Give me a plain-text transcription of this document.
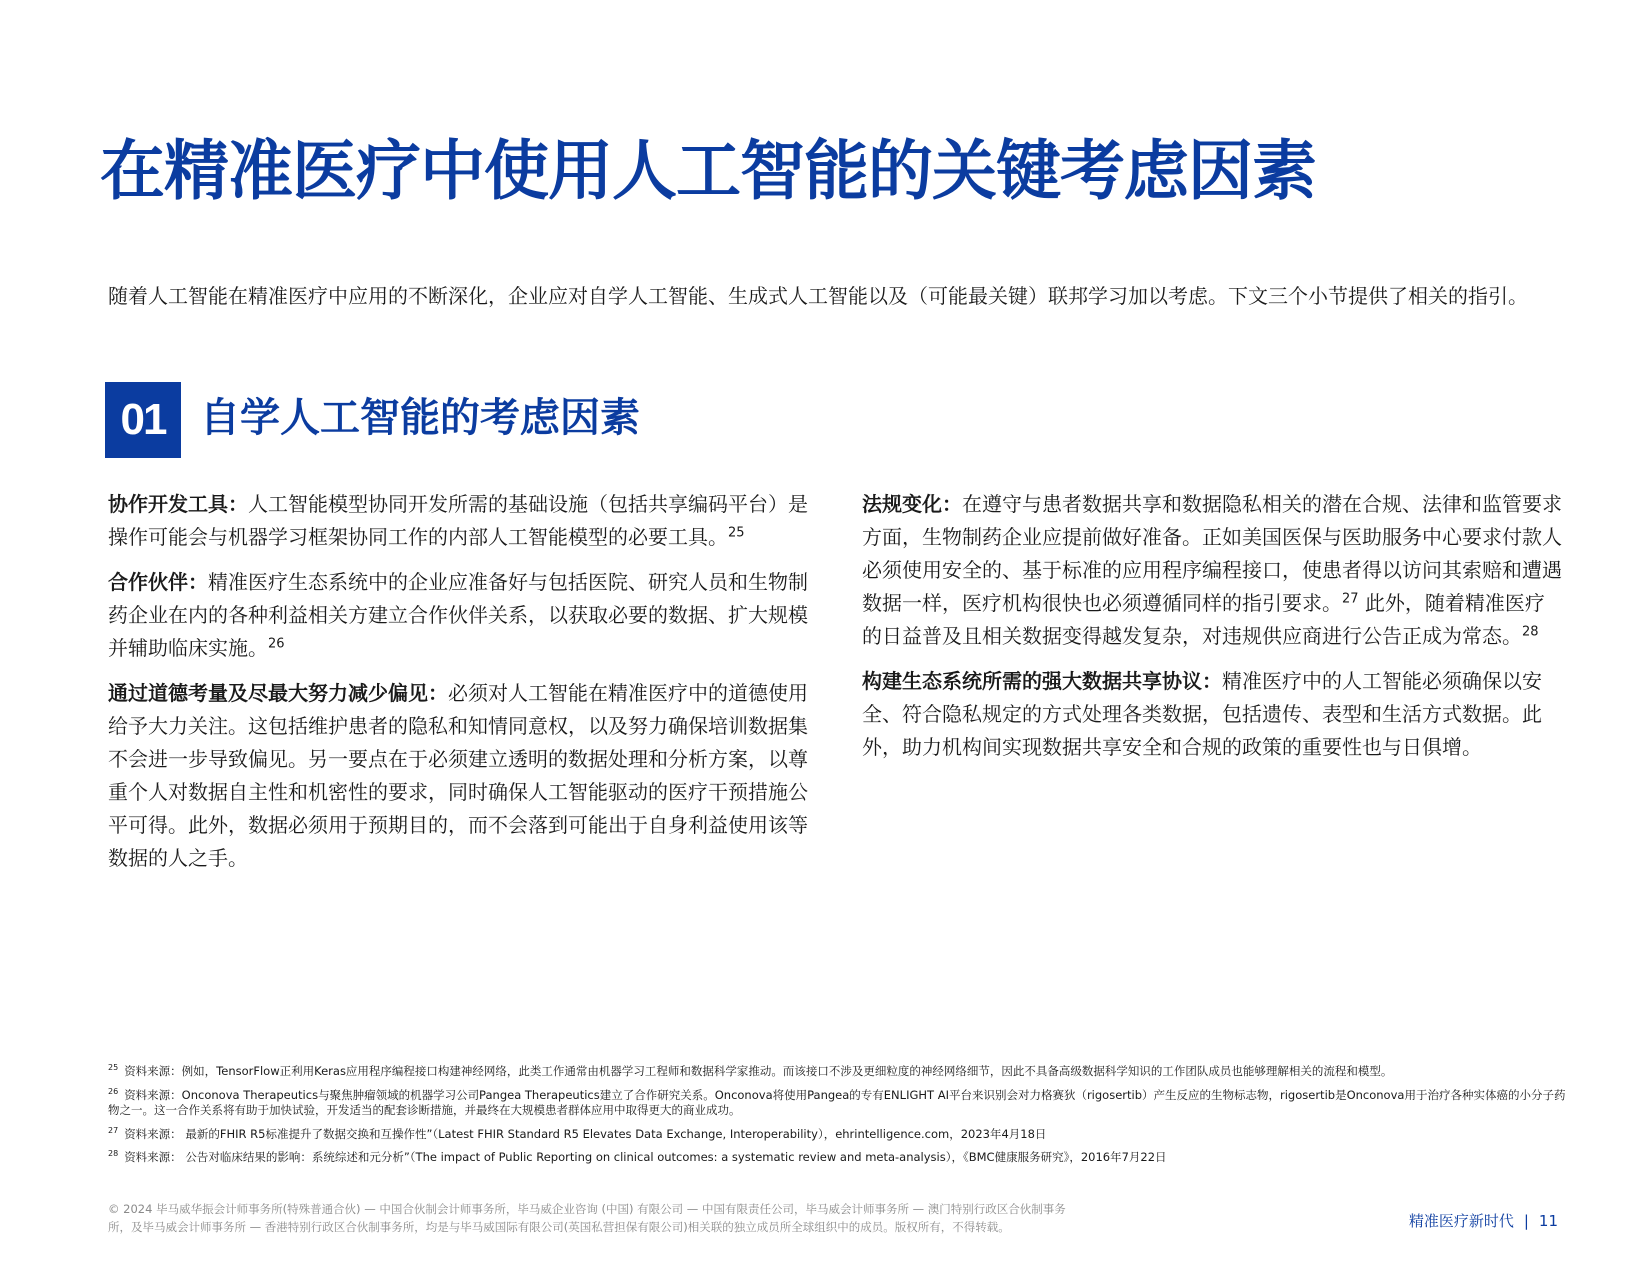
在精准医疗中使用人工智能的关键考虑因素

随着人工智能在精准医疗中应用的不断深化，企业应对自学人工智能、生成式人工智能以及（可能最关键）联邦学习加以考虑。下文三个小节提供了相关的指引。

01 自学人工智能的考虑因素

协作开发工具：人工智能模型协同开发所需的基础设施（包括共享编码平台）是操作可能会与机器学习框架协同工作的内部人工智能模型的必要工具。$^{25}$

合作伙伴：精准医疗生态系统中的企业应准备好与包括医院、研究人员和生物制药企业在内的各种利益相关方建立合作伙伴关系，以获取必要的数据、扩大规模并辅助临床实施。$^{26}$

通过道德考量及尽最大努力减少偏见：必须对人工智能在精准医疗中的道德使用给予大力关注。这包括维护患者的隐私和知情同意权，以及努力确保培训数据集不会进一步导致偏见。另一要点在于必须建立透明的数据处理和分析方案，以尊重个人对数据自主性和机密性的要求，同时确保人工智能驱动的医疗干预措施公平可得。此外，数据必须用于预期目的，而不会落到可能出于自身利益使用该等数据的人之手。

法规变化：在遵守与患者数据共享和数据隐私相关的潜在合规、法律和监管要求方面，生物制药企业应提前做好准备。正如美国医保与医助服务中心要求付款人必须使用安全的、基于标准的应用程序编程接口，使患者得以访问其索赔和遭遇数据一样，医疗机构很快也必须遵循同样的指引要求。$^{27}$ 此外，随着精准医疗的日益普及且相关数据变得越发复杂，对违规供应商进行公告正成为常态。$^{28}$

构建生态系统所需的强大数据共享协议：精准医疗中的人工智能必须确保以安全、符合隐私规定的方式处理各类数据，包括遗传、表型和生活方式数据。此外，助力机构间实现数据共享安全和合规的政策的重要性也与日俱增。

$^{25}$ 资料来源：例如，TensorFlow正利用Keras应用程序编程接口构建神经网络，此类工作通常由机器学习工程师和数据科学家推动。而该接口不涉及更细粒度的神经网络细节，因此不具备高级数据科学知识的工作团队成员也能够理解相关的流程和模型。

$^{26}$ 资料来源：Onconova Therapeutics与聚焦肿瘤领域的机器学习公司Pangea Therapeutics建立了合作研究关系。Onconova将使用Pangea的专有ENLIGHT AI平台来识别会对力格赛狄（rigosertib）产生反应的生物标志物，rigosertib是Onconova用于治疗各种实体癌的小分子药物之一。这一合作关系将有助于加快试验，开发适当的配套诊断措施，并最终在大规模患者群体应用中取得更大的商业成功。

$^{27}$ 资料来源： 最新的FHIR R5标准提升了数据交换和互操作性”（Latest FHIR Standard R5 Elevates Data Exchange, Interoperability），ehrintelligence.com，2023年4月18日

$^{28}$ 资料来源： 公告对临床结果的影响：系统综述和元分析”（The impact of Public Reporting on clinical outcomes: a systematic review and meta-analysis），《BMC健康服务研究》，2016年7月22日

© 2024 毕马威华振会计师事务所(特殊普通合伙) — 中国合伙制会计师事务所，毕马威企业咨询 (中国) 有限公司 — 中国有限责任公司，毕马威会计师事务所 — 澳门特别行政区合伙制事务所，及毕马威会计师事务所 — 香港特别行政区合伙制事务所，均是与毕马威国际有限公司(英国私营担保有限公司)相关联的独立成员所全球组织中的成员。版权所有，不得转载。	精准医疗新时代 | 11
